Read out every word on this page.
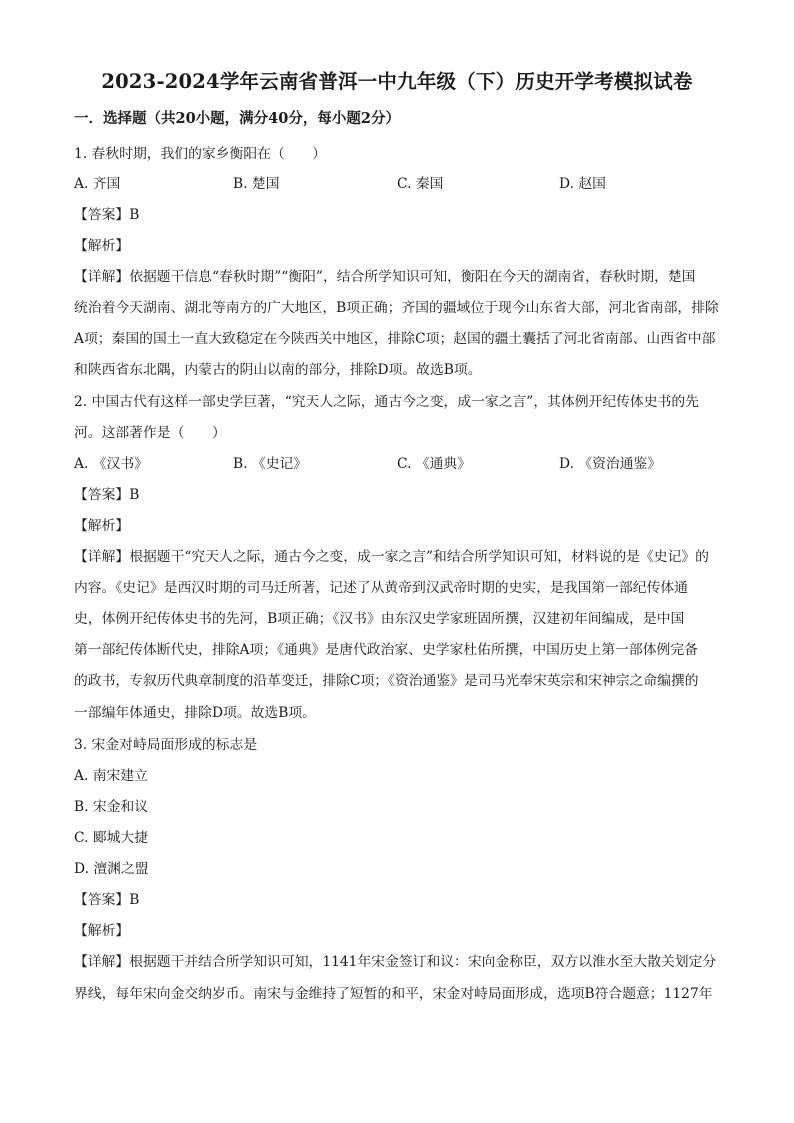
2023-2024学年云南省普洱一中九年级（下）历史开学考模拟试卷
一．选择题（共20小题，满分40分，每小题2分）
1. 春秋时期，我们的家乡衡阳在（　　）
A. 齐国	B. 楚国	C. 秦国	D. 赵国
【答案】B
【解析】
【详解】依据题干信息“春秋时期”“衡阳”，结合所学知识可知，衡阳在今天的湖南省，春秋时期，楚国
统治着今天湖南、湖北等南方的广大地区，B项正确；齐国的疆域位于现今山东省大部，河北省南部，排除
A项；秦国的国土一直大致稳定在今陕西关中地区，排除C项；赵国的疆土囊括了河北省南部、山西省中部
和陕西省东北隅，内蒙古的阴山以南的部分，排除D项。故选B项。
2. 中国古代有这样一部史学巨著，“究天人之际，通古今之变，成一家之言”，其体例开纪传体史书的先
河。这部著作是（　　）
A. 《汉书》	B. 《史记》	C. 《通典》	D. 《资治通鉴》
【答案】B
【解析】
【详解】根据题干“究天人之际，通古今之变，成一家之言”和结合所学知识可知，材料说的是《史记》的
内容。《史记》是西汉时期的司马迁所著，记述了从黄帝到汉武帝时期的史实，是我国第一部纪传体通
史，体例开纪传体史书的先河，B项正确；《汉书》由东汉史学家班固所撰，汉建初年间编成，是中国
第一部纪传体断代史，排除A项；《通典》是唐代政治家、史学家杜佑所撰，中国历史上第一部体例完备
的政书，专叙历代典章制度的沿革变迁，排除C项；《资治通鉴》是司马光奉宋英宗和宋神宗之命编撰的
一部编年体通史，排除D项。故选B项。
3. 宋金对峙局面形成的标志是
A. 南宋建立
B. 宋金和议
C. 郾城大捷
D. 澶渊之盟
【答案】B
【解析】
【详解】根据题干并结合所学知识可知，1141年宋金签订和议：宋向金称臣，双方以淮水至大散关划定分
界线，每年宋向金交纳岁币。南宋与金维持了短暂的和平，宋金对峙局面形成，选项B符合题意；1127年
